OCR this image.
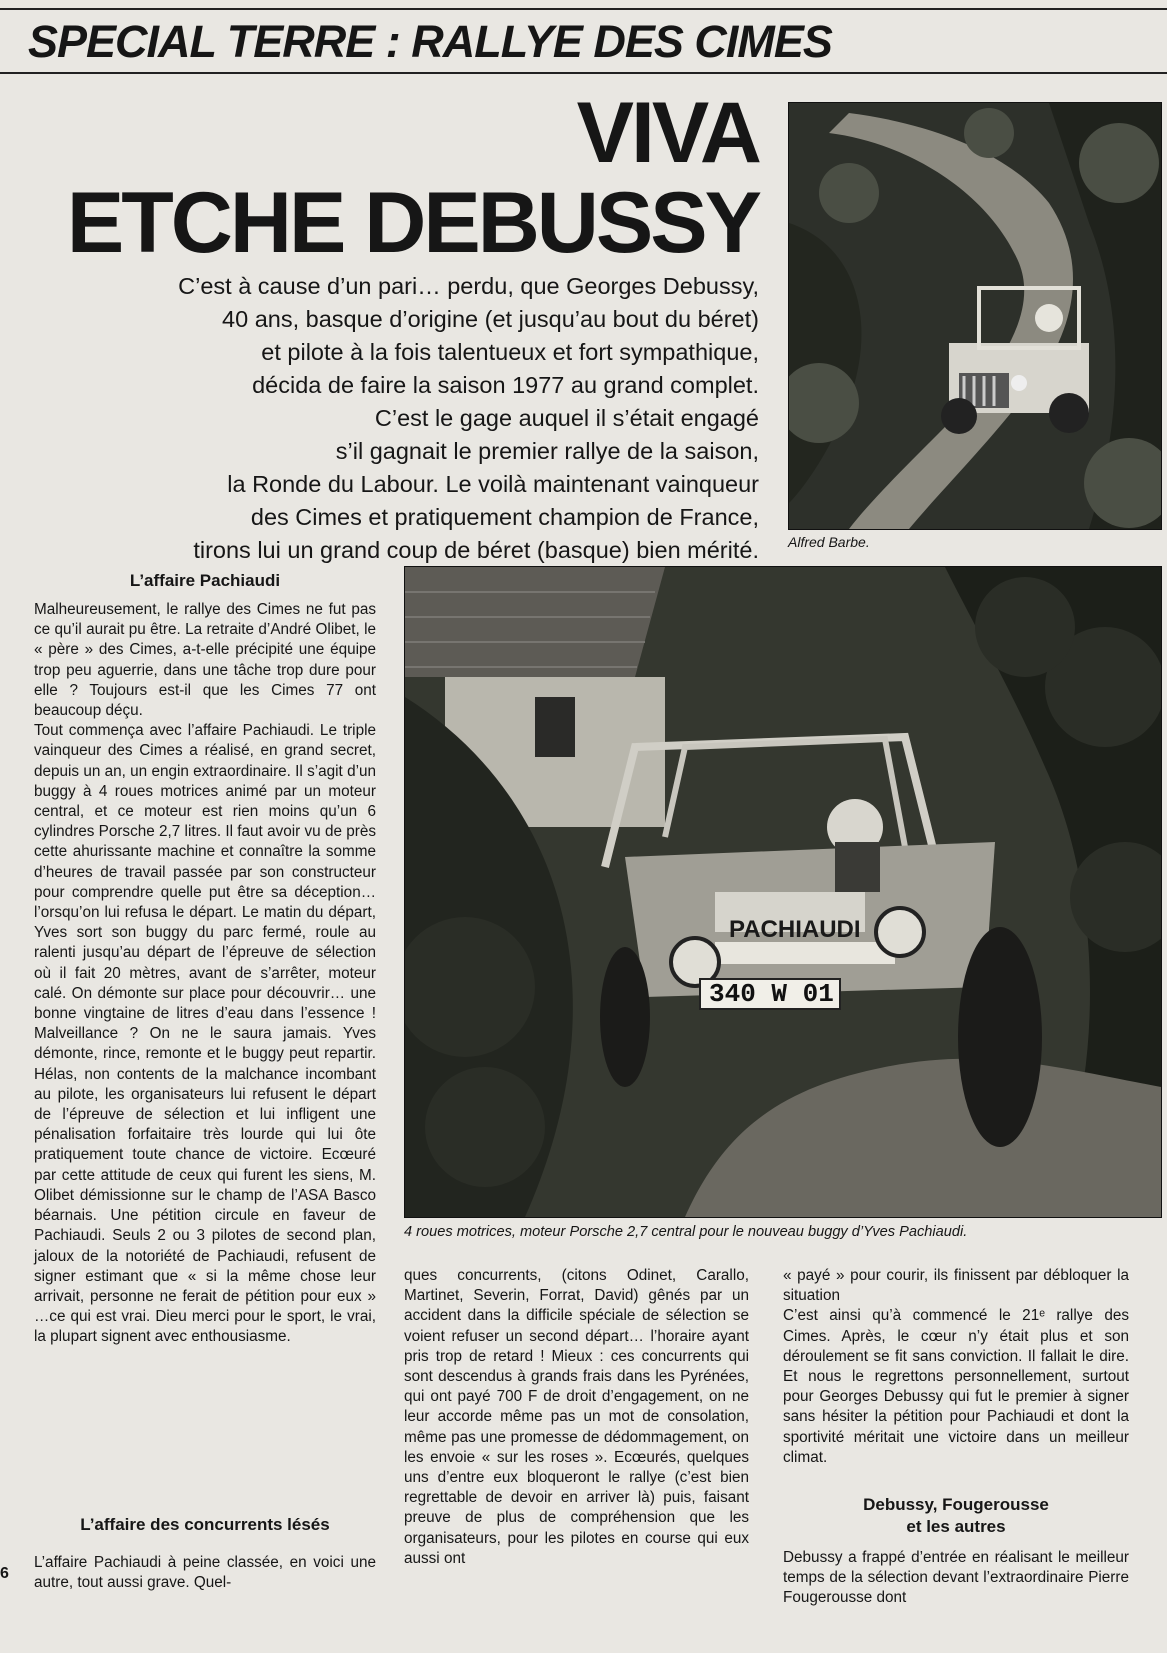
SPECIAL TERRE : RALLYE DES CIMES
VIVA
ETCHE DEBUSSY
C’est à cause d’un pari… perdu, que Georges Debussy,
40 ans, basque d’origine (et jusqu’au bout du béret)
et pilote à la fois talentueux et fort sympathique,
décida de faire la saison 1977 au grand complet.
C’est le gage auquel il s’était engagé
s’il gagnait le premier rallye de la saison,
la Ronde du Labour. Le voilà maintenant vainqueur
des Cimes et pratiquement champion de France,
tirons lui un grand coup de béret (basque) bien mérité. Alfred Barbe.

PACHIAUDI
340 W 01

4 roues motrices, moteur Porsche 2,7 central pour le nouveau buggy d’Yves Pachiaudi.

L’affaire Pachiaudi

Malheureusement, le rallye des Cimes ne fut pas ce qu’il aurait pu être. La retraite d’André Olibet, le « père » des Cimes, a-t-elle précipité une équipe trop peu aguerrie, dans une tâche trop dure pour elle ? Toujours est-il que les Cimes 77 ont beaucoup déçu.

Tout commença avec l’affaire Pachiaudi. Le triple vainqueur des Cimes a réalisé, en grand secret, depuis un an, un engin extraordinaire. Il s’agit d’un buggy à 4 roues motrices animé par un moteur central, et ce moteur est rien moins qu’un 6 cylindres Porsche 2,7 litres. Il faut avoir vu de près cette ahurissante machine et connaître la somme d’heures de travail passée par son constructeur pour comprendre quelle put être sa déception… l’orsqu’on lui refusa le départ. Le matin du départ, Yves sort son buggy du parc fermé, roule au ralenti jusqu’au départ de l’épreuve de sélection où il fait 20 mètres, avant de s’arrêter, moteur calé. On démonte sur place pour découvrir… une bonne vingtaine de litres d’eau dans l’essence ! Malveillance ? On ne le saura jamais. Yves démonte, rince, remonte et le buggy peut repartir. Hélas, non contents de la malchance incombant au pilote, les organisateurs lui refusent le départ de l’épreuve de sélection et lui infligent une pénalisation forfaitaire très lourde qui lui ôte pratiquement toute chance de victoire. Ecœuré par cette attitude de ceux qui furent les siens, M. Olibet démissionne sur le champ de l’ASA Basco béarnais. Une pétition circule en faveur de Pachiaudi. Seuls 2 ou 3 pilotes de second plan, jaloux de la notoriété de Pachiaudi, refusent de signer estimant que « si la même chose leur arrivait, personne ne ferait de pétition pour eux » …ce qui est vrai. Dieu merci pour le sport, le vrai, la plupart signent avec enthousiasme.

L’affaire des concurrents lésés

L’affaire Pachiaudi à peine classée, en voici une autre, tout aussi grave. Quel-

ques concurrents, (citons Odinet, Carallo, Martinet, Severin, Forrat, David) gênés par un accident dans la difficile spéciale de sélection se voient refuser un second départ… l’horaire ayant pris trop de retard ! Mieux : ces concurrents qui sont descendus à grands frais dans les Pyrénées, qui ont payé 700 F de droit d’engagement, on ne leur accorde même pas un mot de consolation, même pas une promesse de dédommagement, on les envoie « sur les roses ». Ecœurés, quelques uns d’entre eux bloqueront le rallye (c’est bien regrettable de devoir en arriver là) puis, faisant preuve de plus de compréhension que les organisateurs, pour les pilotes en course qui eux aussi ont

« payé » pour courir, ils finissent par débloquer la situation

C’est ainsi qu’à commencé le 21ᵉ rallye des Cimes. Après, le cœur n’y était plus et son déroulement se fit sans conviction. Il fallait le dire. Et nous le regrettons personnellement, surtout pour Georges Debussy qui fut le premier à signer sans hésiter la pétition pour Pachiaudi et dont la sportivité méritait une victoire dans un meilleur climat.

Debussy, Fougerousse
et les autres

Debussy a frappé d’entrée en réalisant le meilleur temps de la sélection devant l’extraordinaire Pierre Fougerousse dont

6
